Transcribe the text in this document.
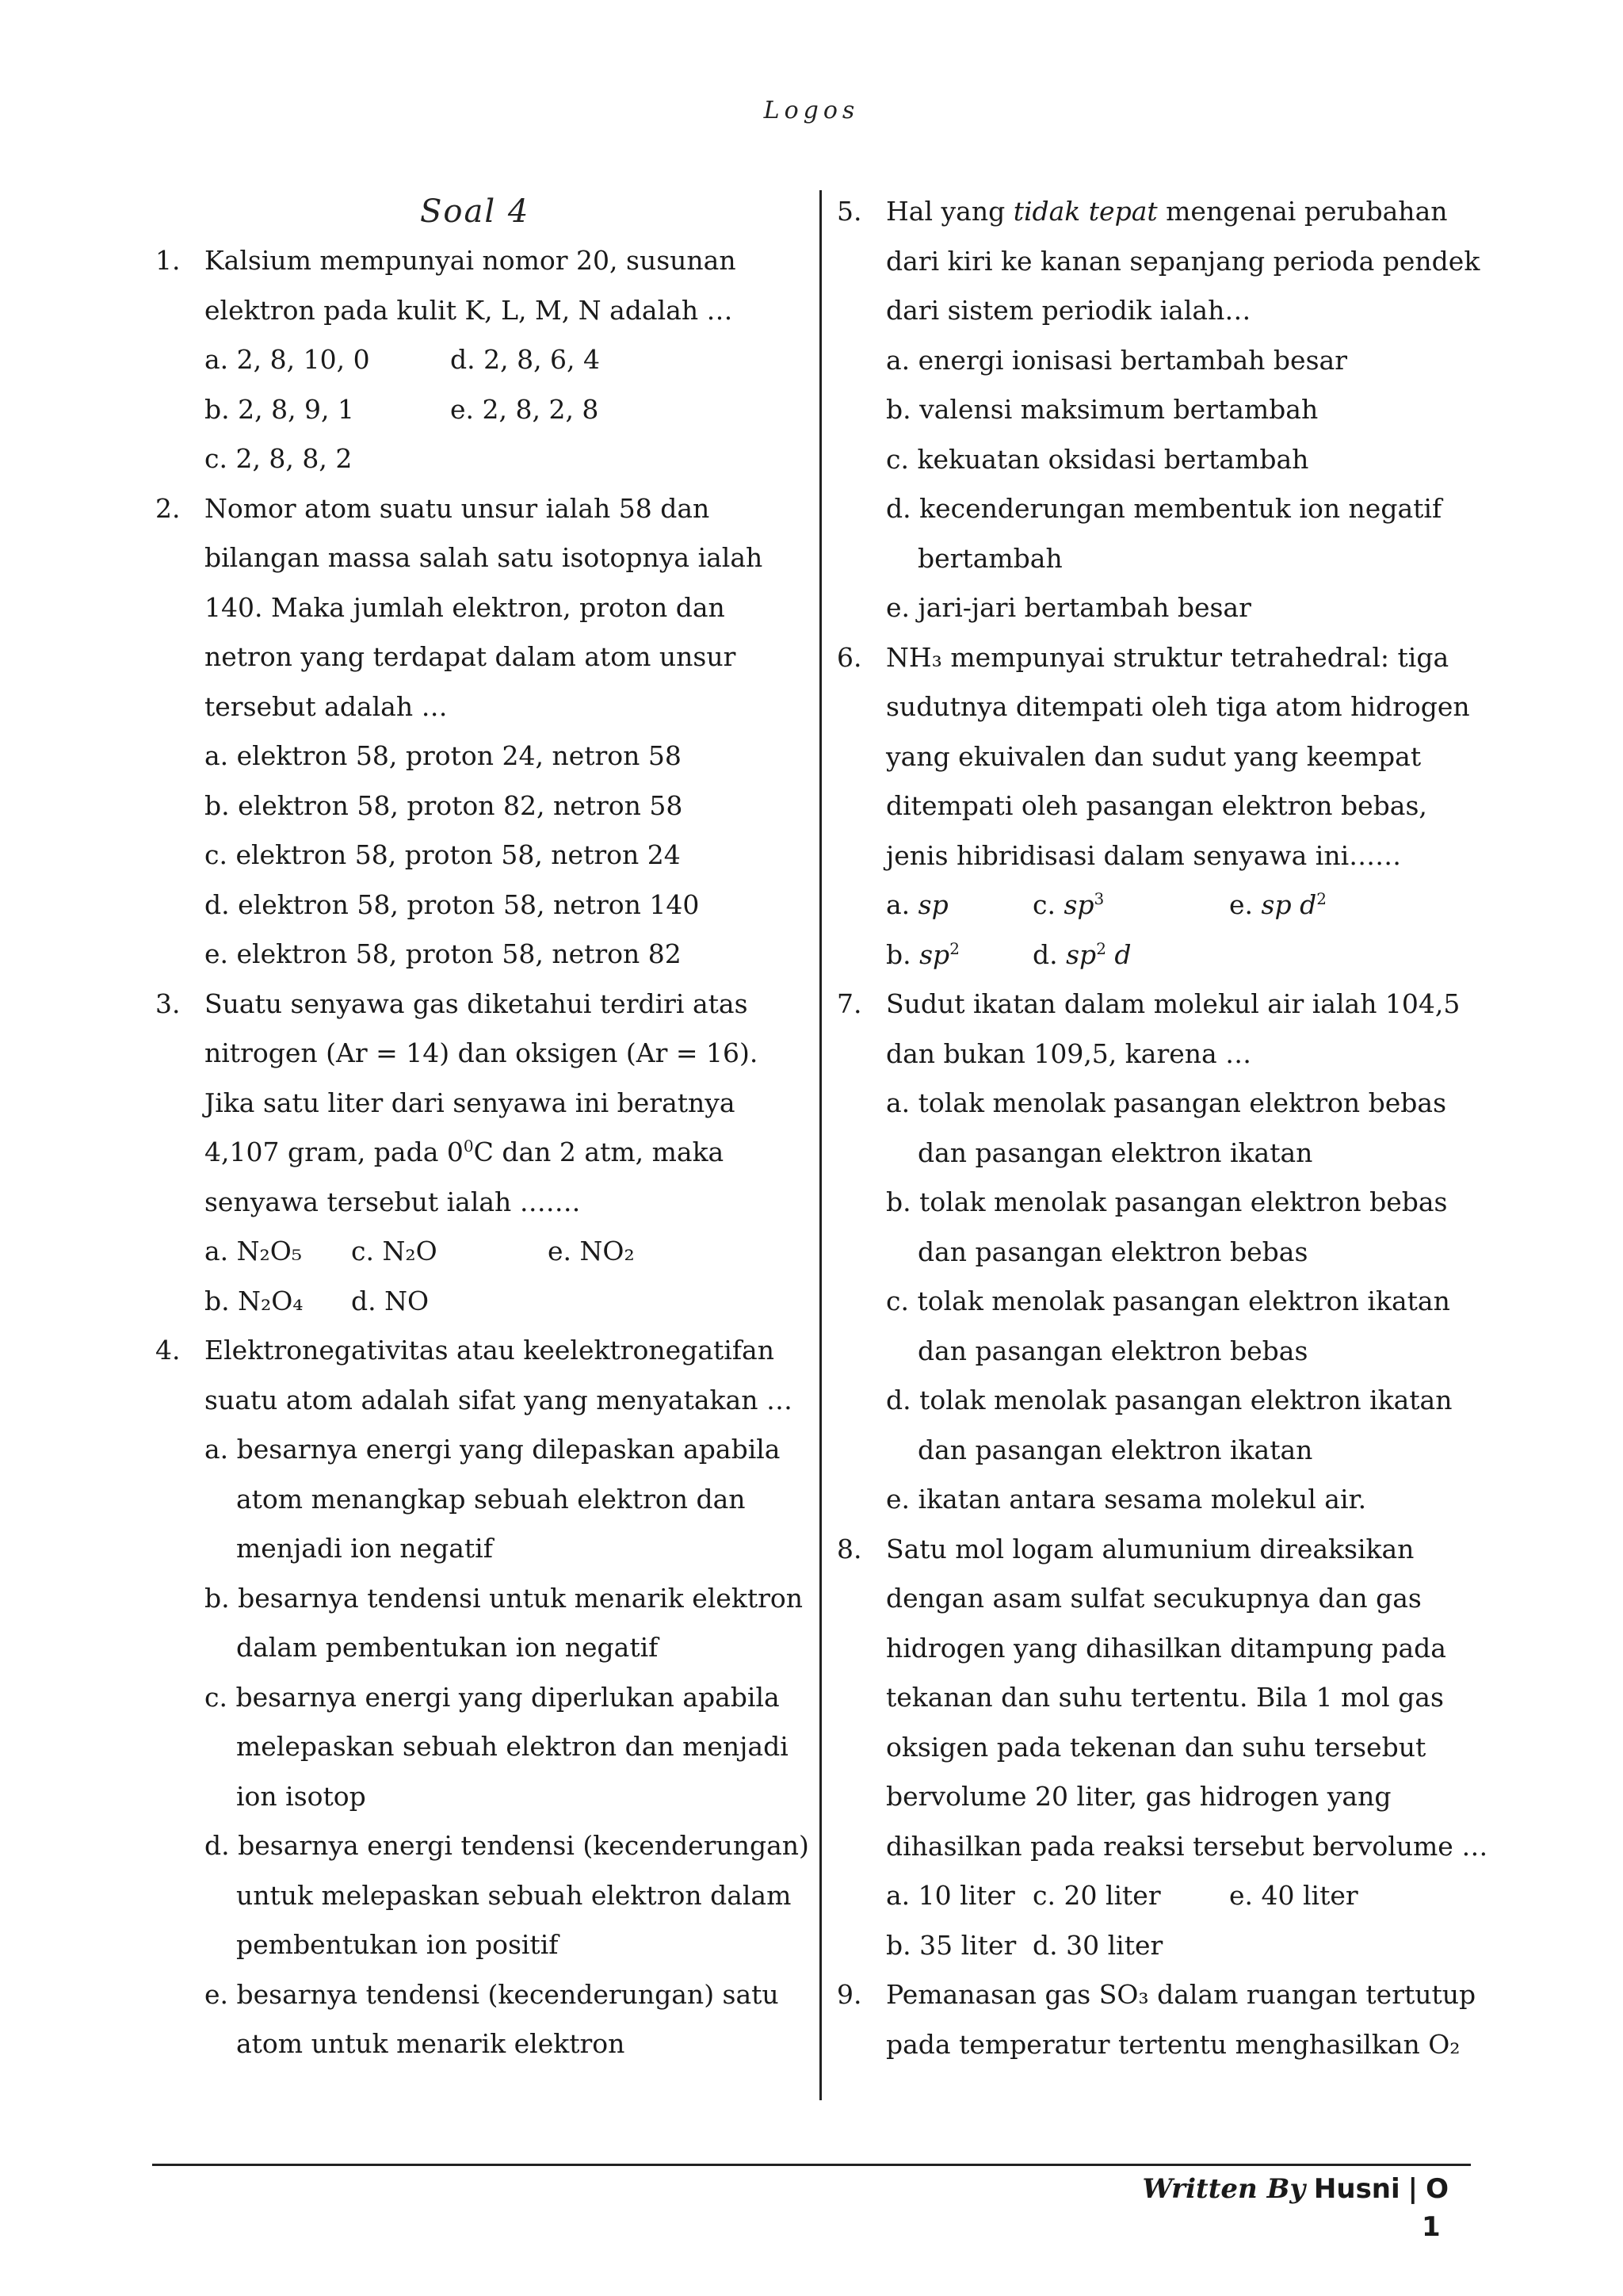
Logos
Soal 4
1. Kalsium mempunyai nomor 20, susunan elektron pada kulit K, L, M, N adalah …

a. 2, 8, 10, 0	d. 2, 8, 6, 4
b. 2, 8, 9, 1	e. 2, 8, 2, 8
c. 2, 8, 8, 2
2. Nomor atom suatu unsur ialah 58 dan bilangan massa salah satu isotopnya ialah 140. Maka jumlah elektron, proton dan netron yang terdapat dalam atom unsur tersebut adalah …

a. elektron 58, proton 24, netron 58

b. elektron 58, proton 82, netron 58

c. elektron 58, proton 58, netron 24

d. elektron 58, proton 58, netron 140

e. elektron 58, proton 58, netron 82

3. Suatu senyawa gas diketahui terdiri atas nitrogen (Ar = 14) dan oksigen (Ar = 16). Jika satu liter dari senyawa ini beratnya 4,107 gram, pada $0^0C$ dan 2 atm, maka senyawa tersebut ialah …….

a. N₂O₅	c. N₂O	e. NO₂
b. N₂O₄	d. NO
4. Elektronegativitas atau keelektronegatifan suatu atom adalah sifat yang menyatakan …

a. besarnya energi yang dilepaskan apabila atom menangkap sebuah elektron dan menjadi ion negatif

b. besarnya tendensi untuk menarik elektron dalam pembentukan ion negatif

c. besarnya energi yang diperlukan apabila melepaskan sebuah elektron dan menjadi ion isotop

d. besarnya energi tendensi (kecenderungan) untuk melepaskan sebuah elektron dalam pembentukan ion positif

e. besarnya tendensi (kecenderungan) satu atom untuk menarik elektron

5. Hal yang tidak tepat mengenai perubahan dari kiri ke kanan sepanjang perioda pendek dari sistem periodik ialah…

a. energi ionisasi bertambah besar

b. valensi maksimum bertambah

c. kekuatan oksidasi bertambah

d. kecenderungan membentuk ion negatif bertambah

e. jari-jari bertambah besar

6. NH₃ mempunyai struktur tetrahedral: tiga sudutnya ditempati oleh tiga atom hidrogen yang ekuivalen dan sudut yang keempat ditempati oleh pasangan elektron bebas, jenis hibridisasi dalam senyawa ini……

a. sp	c. $sp^3$	e. sp $d^2$
b. $sp^2$	d. $sp^2$ d
7. Sudut ikatan dalam molekul air ialah 104,5 dan bukan 109,5, karena …

a. tolak menolak pasangan elektron bebas dan pasangan elektron ikatan

b. tolak menolak pasangan elektron bebas dan pasangan elektron bebas

c. tolak menolak pasangan elektron ikatan dan pasangan elektron bebas

d. tolak menolak pasangan elektron ikatan dan pasangan elektron ikatan

e. ikatan antara sesama molekul air.

8. Satu mol logam alumunium direaksikan dengan asam sulfat secukupnya dan gas hidrogen yang dihasilkan ditampung pada tekanan dan suhu tertentu. Bila 1 mol gas oksigen pada tekenan dan suhu tersebut bervolume 20 liter, gas hidrogen yang dihasilkan pada reaksi tersebut bervolume …

a. 10 liter c. 20 liter	e. 40 liter
b. 35 liter d. 30 liter
9. Pemanasan gas SO₃ dalam ruangan tertutup pada temperatur tertentu menghasilkan O₂

Written By Husni | O
1
